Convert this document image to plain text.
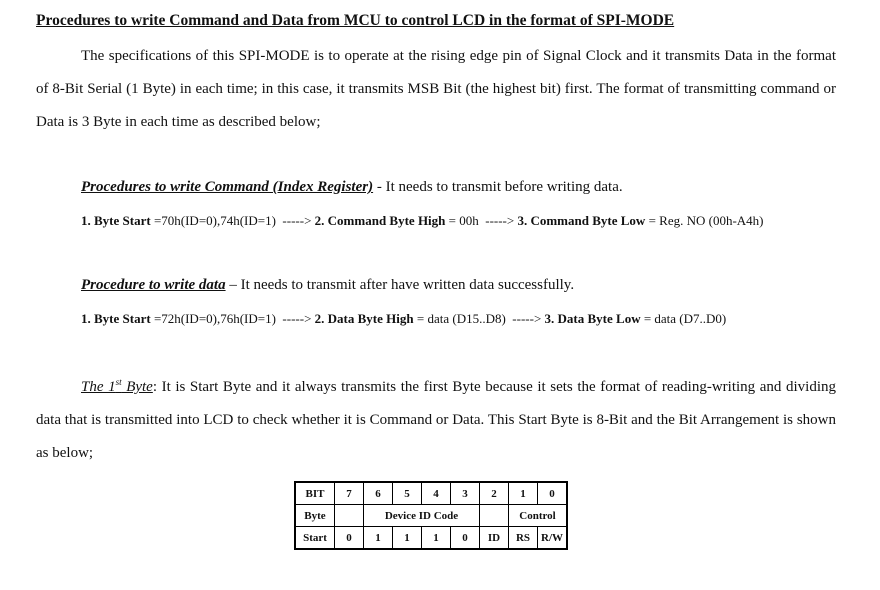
Procedures to write Command and Data from MCU to control LCD in the format of SPI-MODE
The specifications of this SPI-MODE is to operate at the rising edge pin of Signal Clock and it transmits Data in the format of 8-Bit Serial (1 Byte) in each time; in this case, it transmits MSB Bit (the highest bit) first. The format of transmitting command or Data is 3 Byte in each time as described below;
Procedures to write Command (Index Register) - It needs to transmit before writing data.
1. Byte Start =70h(ID=0),74h(ID=1)  -----> 2. Command Byte High = 00h  -----> 3. Command Byte Low = Reg. NO (00h-A4h)
Procedure to write data – It needs to transmit after have written data successfully.
1. Byte Start =72h(ID=0),76h(ID=1)  -----> 2. Data Byte High = data (D15..D8)  -----> 3. Data Byte Low = data (D7..D0)
The 1st Byte: It is Start Byte and it always transmits the first Byte because it sets the format of reading-writing and dividing data that is transmitted into LCD to check whether it is Command or Data. This Start Byte is 8-Bit and the Bit Arrangement is shown as below;
BIT	7	6	5	4	3	2	1	0
Byte		Device ID Code					Control	
Start	0	1	1	1	0	ID	RS	R/W
